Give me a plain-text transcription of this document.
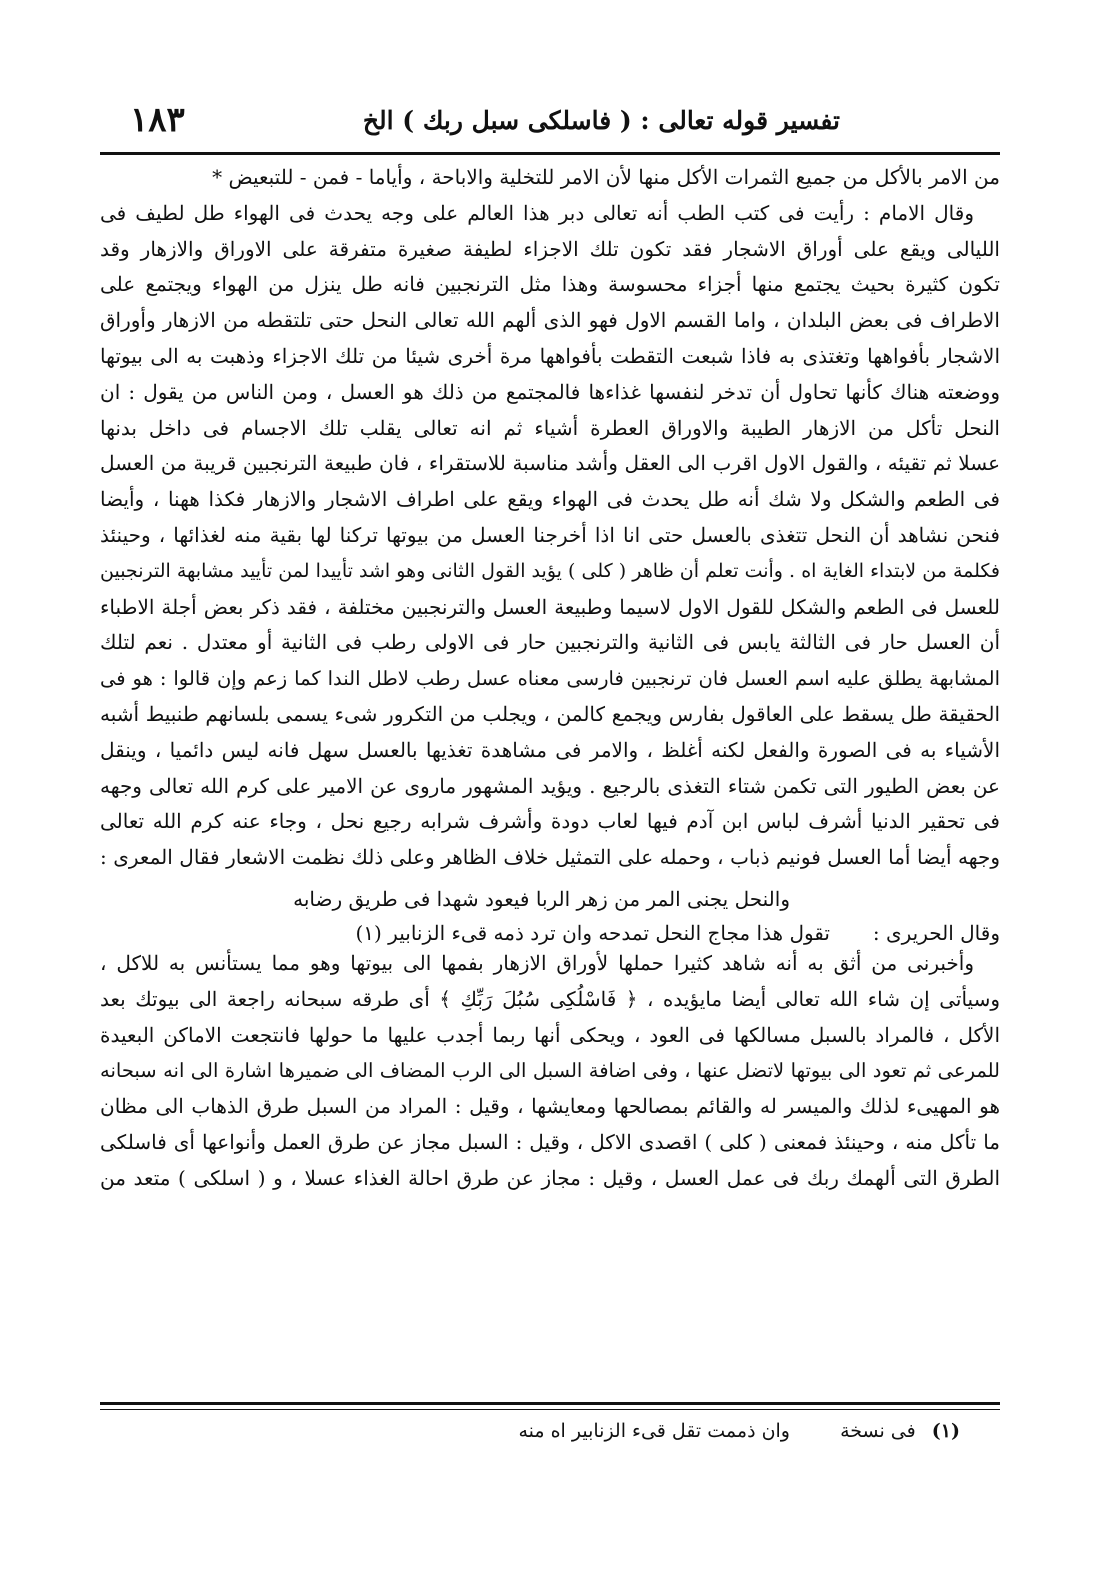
تفسير قوله تعالى : ( فاسلكى سبل ربك ) الخ
١٨٣
من الامر بالأكل من جميع الثمرات الأكل منها لأن الامر للتخلية والاباحة ، وأياما - فمن - للتبعيض *
وقال الامام : رأيت فى كتب الطب أنه تعالى دبر هذا العالم على وجه يحدث فى الهواء طل لطيف فى
الليالى ويقع على أوراق الاشجار فقد تكون تلك الاجزاء لطيفة صغيرة متفرقة على الاوراق والازهار وقد
تكون كثيرة بحيث يجتمع منها أجزاء محسوسة وهذا مثل الترنجبين فانه طل ينزل من الهواء ويجتمع على
الاطراف فى بعض البلدان ، واما القسم الاول فهو الذى ألهم الله تعالى النحل حتى تلتقطه من الازهار وأوراق
الاشجار بأفواهها وتغتذى به فاذا شبعت التقطت بأفواهها مرة أخرى شيئا من تلك الاجزاء وذهبت به الى بيوتها
ووضعته هناك كأنها تحاول أن تدخر لنفسها غذاءها فالمجتمع من ذلك هو العسل ، ومن الناس من يقول : ان
النحل تأكل من الازهار الطيبة والاوراق العطرة أشياء ثم انه تعالى يقلب تلك الاجسام فى داخل بدنها
عسلا ثم تقيئه ، والقول الاول اقرب الى العقل وأشد مناسبة للاستقراء ، فان طبيعة الترنجبين قريبة من العسل
فى الطعم والشكل ولا شك أنه طل يحدث فى الهواء ويقع على اطراف الاشجار والازهار فكذا ههنا ، وأيضا
فنحن نشاهد أن النحل تتغذى بالعسل حتى انا اذا أخرجنا العسل من بيوتها تركنا لها بقية منه لغذائها ، وحينئذ
فكلمة من لابتداء الغاية اه . وأنت تعلم أن ظاهر ( كلى ) يؤيد القول الثانى وهو اشد تأييدا لمن تأييد مشابهة الترنجبين
للعسل فى الطعم والشكل للقول الاول لاسيما وطبيعة العسل والترنجبين مختلفة ، فقد ذكر بعض أجلة الاطباء
أن العسل حار فى الثالثة يابس فى الثانية والترنجبين حار فى الاولى رطب فى الثانية أو معتدل . نعم لتلك
المشابهة يطلق عليه اسم العسل فان ترنجبين فارسى معناه عسل رطب لاطل الندا كما زعم وإن قالوا : هو فى
الحقيقة طل يسقط على العاقول بفارس ويجمع كالمن ، ويجلب من التكرور شىء يسمى بلسانهم طنبيط أشبه
الأشياء به فى الصورة والفعل لكنه أغلظ ، والامر فى مشاهدة تغذيها بالعسل سهل فانه ليس دائميا ، وينقل
عن بعض الطيور التى تكمن شتاء التغذى بالرجيع . ويؤيد المشهور ماروى عن الامير على كرم الله تعالى وجهه
فى تحقير الدنيا أشرف لباس ابن آدم فيها لعاب دودة وأشرف شرابه رجيع نحل ، وجاء عنه كرم الله تعالى
وجهه أيضا أما العسل فونيم ذباب ، وحمله على التمثيل خلاف الظاهر وعلى ذلك نظمت الاشعار فقال المعرى :
والنحل يجنى المر من زهر الربا فيعود شهدا فى طريق رضابه
وقال الحريرى :
تقول هذا مجاج النحل تمدحه وان ترد ذمه قىء الزنابير (١)
وأخبرنى من أثق به أنه شاهد كثيرا حملها لأوراق الازهار بفمها الى بيوتها وهو مما يستأنس به للاكل ،
وسيأتى إن شاء الله تعالى أيضا مايؤيده ، ﴿ فَاسْلُكِى سُبُلَ رَبِّكِ ﴾ أى طرقه سبحانه راجعة الى بيوتك بعد
الأكل ، فالمراد بالسبل مسالكها فى العود ، ويحكى أنها ربما أجدب عليها ما حولها فانتجعت الاماكن البعيدة
للمرعى ثم تعود الى بيوتها لاتضل عنها ، وفى اضافة السبل الى الرب المضاف الى ضميرها اشارة الى انه سبحانه
هو المهيىء لذلك والميسر له والقائم بمصالحها ومعايشها ، وقيل : المراد من السبل طرق الذهاب الى مظان
ما تأكل منه ، وحينئذ فمعنى ( كلى ) اقصدى الاكل ، وقيل : السبل مجاز عن طرق العمل وأنواعها أى فاسلكى
الطرق التى ألهمك ربك فى عمل العسل ، وقيل : مجاز عن طرق احالة الغذاء عسلا ، و ( اسلكى ) متعد من
(١) فى نسخة  وان ذممت تقل قىء الزنابير اه منه
